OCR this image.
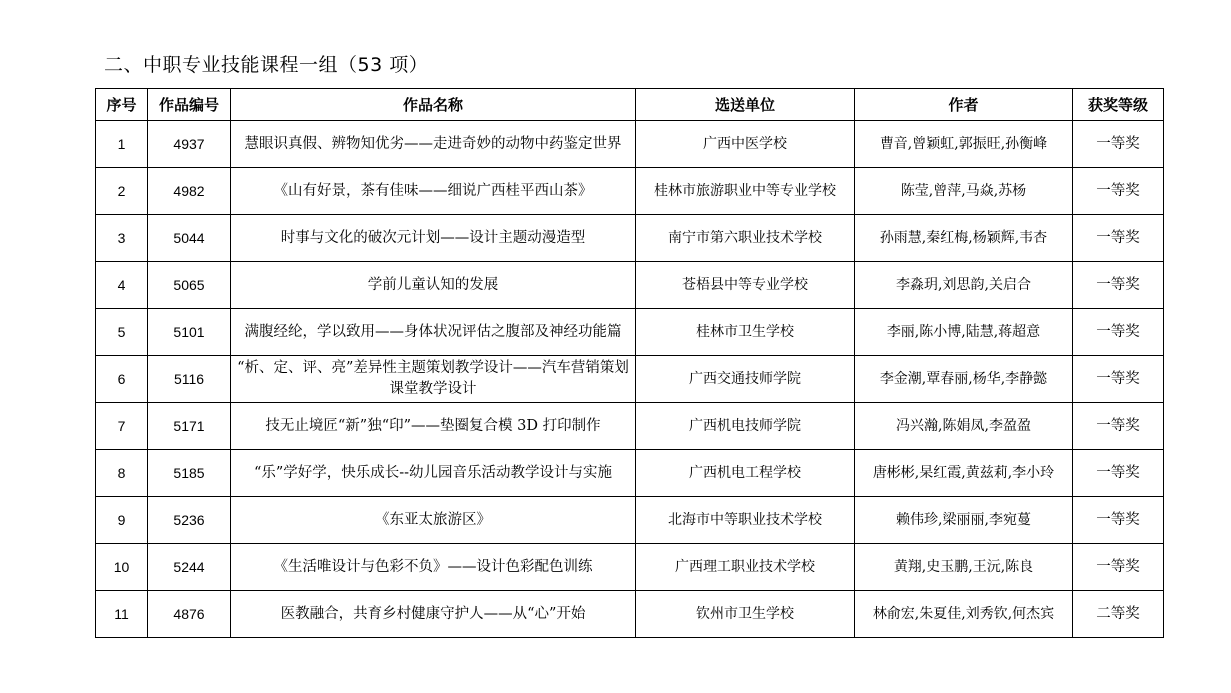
二、中职专业技能课程一组（53 项）
序号	作品编号	作品名称	选送单位	作者	获奖等级
1	4937	慧眼识真假、辨物知优劣——走进奇妙的动物中药鉴定世界	广西中医学校	曹音,曾颖虹,郭振旺,孙衡峰	一等奖
2	4982	《山有好景，茶有佳味——细说广西桂平西山茶》	桂林市旅游职业中等专业学校	陈莹,曾萍,马焱,苏杨	一等奖
3	5044	时事与文化的破次元计划——设计主题动漫造型	南宁市第六职业技术学校	孙雨慧,秦红梅,杨颖辉,韦杏	一等奖
4	5065	学前儿童认知的发展	苍梧县中等专业学校	李淼玥,刘思韵,关启合	一等奖
5	5101	满腹经纶，学以致用——身体状况评估之腹部及神经功能篇	桂林市卫生学校	李丽,陈小博,陆慧,蒋超意	一等奖
6	5116	“析、定、评、亮”差异性主题策划教学设计——汽车营销策划课堂教学设计	广西交通技师学院	李金潮,覃春丽,杨华,李静懿	一等奖
7	5171	技无止境匠“新”独“印”——垫圈复合模 3D 打印制作	广西机电技师学院	冯兴瀚,陈娟凤,李盈盈	一等奖
8	5185	“乐”学好学，快乐成长--幼儿园音乐活动教学设计与实施	广西机电工程学校	唐彬彬,杲红霞,黄兹莉,李小玲	一等奖
9	5236	《东亚太旅游区》	北海市中等职业技术学校	赖伟珍,梁丽丽,李宛蔓	一等奖
10	5244	《生活唯设计与色彩不负》——设计色彩配色训练	广西理工职业技术学校	黄翔,史玉鹏,王沅,陈良	一等奖
11	4876	医教融合，共育乡村健康守护人——从“心”开始	钦州市卫生学校	林俞宏,朱夏佳,刘秀钦,何杰宾	二等奖
